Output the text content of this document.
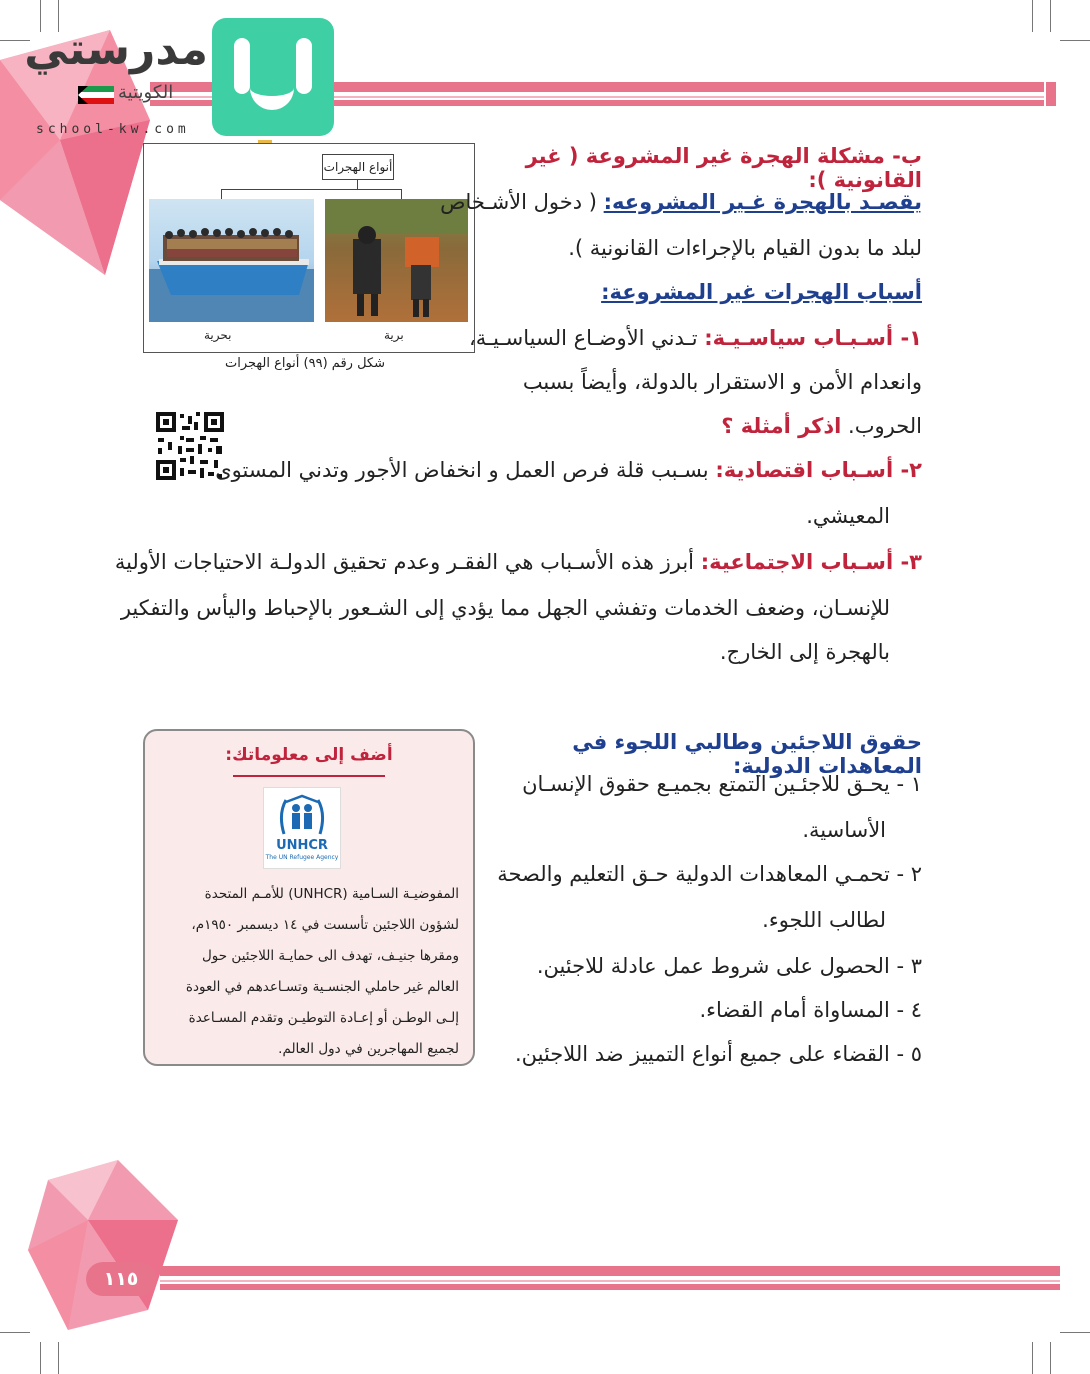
مدرستي
الكويتية
school-kw.com
أنواع الهجرات
بحرية	برية
شكل رقم (٩٩) أنواع الهجرات
ب- مشكلة الهجرة غير المشروعة ( غير القانونية ):
يقصـد بالهجرة غـير المشروعه: ( دخول الأشـخاص
لبلد ما بدون القيام بالإجراءات القانونية ).
أسباب الهجرات غير المشروعة:
١- أسـبـاب سياسـيـة: تـدني الأوضـاع السياسـيـة،
وانعدام الأمن و الاستقرار بالدولة، وأيضاً بسبب
الحروب. اذكر أمثلة ؟
٢- أسـباب اقتصادية: بسـبب قلة فرص العمل و انخفاض الأجور وتدني المستوى
المعيشي.
٣- أسـباب الاجتماعية: أبرز هذه الأسـباب هي الفقـر وعدم تحقيق الدولـة الاحتياجات الأولية
للإنسـان، وضعف الخدمات وتفشي الجهل مما يؤدي إلى الشـعور بالإحباط واليأس والتفكير
بالهجرة إلى الخارج.
حقوق اللاجئين وطالبي اللجوء في المعاهدات الدولية:
١ - يحـق للاجئـين التمتع بجميـع حقوق الإنسـان
الأساسية.
٢ - تحمـي المعاهدات الدولية حـق التعليم والصحة
لطالب اللجوء.
٣ - الحصول على شروط عمل عادلة للاجئين.
٤ - المساواة أمام القضاء.
٥ - القضاء على جميع أنواع التمييز ضد اللاجئين.
أضف إلى معلوماتك:
UNHCR
The UN Refugee Agency
المفوضيـة السـامية (UNHCR) للأمـم المتحدة
لشؤون اللاجئين تأسست في ١٤ ديسمبر ١٩٥٠م،
ومقرها جنيـف، تهدف الى حمايـة اللاجئين حول
العالم غير حاملي الجنسـية وتسـاعدهم في العودة
إلـى الوطـن أو إعـادة التوطيـن وتقدم المسـاعدة
لجميع المهاجرين في دول العالم.
١١٥
